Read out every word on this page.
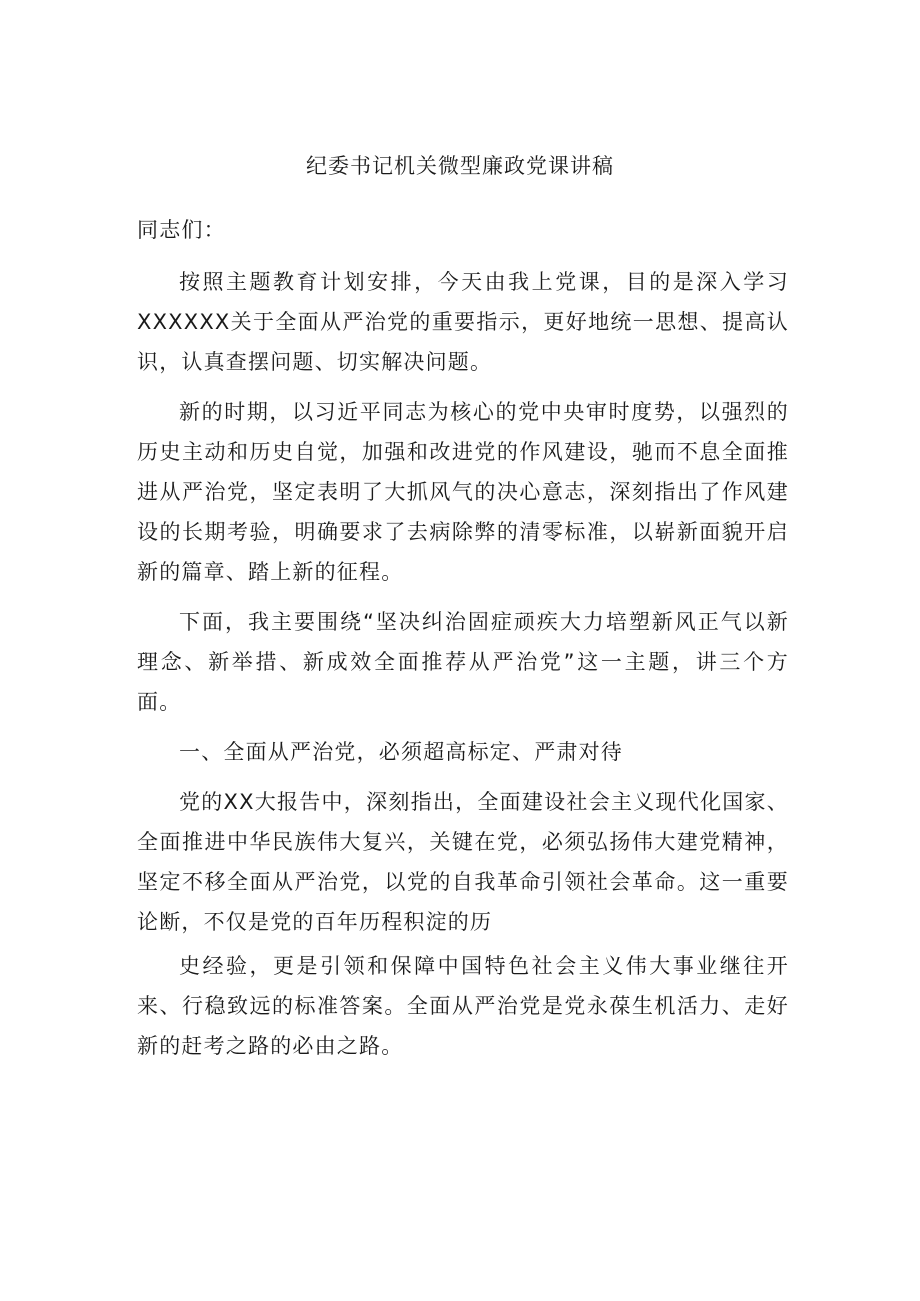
纪委书记机关微型廉政党课讲稿

同志们：

按照主题教育计划安排，今天由我上党课，目的是深入学习XXXXXX关于全面从严治党的重要指示，更好地统一思想、提高认识，认真查摆问题、切实解决问题。

新的时期，以习近平同志为核心的党中央审时度势，以强烈的历史主动和历史自觉，加强和改进党的作风建设，驰而不息全面推进从严治党，坚定表明了大抓风气的决心意志，深刻指出了作风建设的长期考验，明确要求了去病除弊的清零标准，以崭新面貌开启新的篇章、踏上新的征程。

下面，我主要围绕“坚决纠治固症顽疾大力培塑新风正气以新理念、新举措、新成效全面推荐从严治党”这一主题，讲三个方面。

一、全面从严治党，必须超高标定、严肃对待

党的XX大报告中，深刻指出，全面建设社会主义现代化国家、全面推进中华民族伟大复兴，关键在党，必须弘扬伟大建党精神，坚定不移全面从严治党，以党的自我革命引领社会革命。这一重要论断，不仅是党的百年历程积淀的历

史经验，更是引领和保障中国特色社会主义伟大事业继往开来、行稳致远的标准答案。全面从严治党是党永葆生机活力、走好新的赶考之路的必由之路。
